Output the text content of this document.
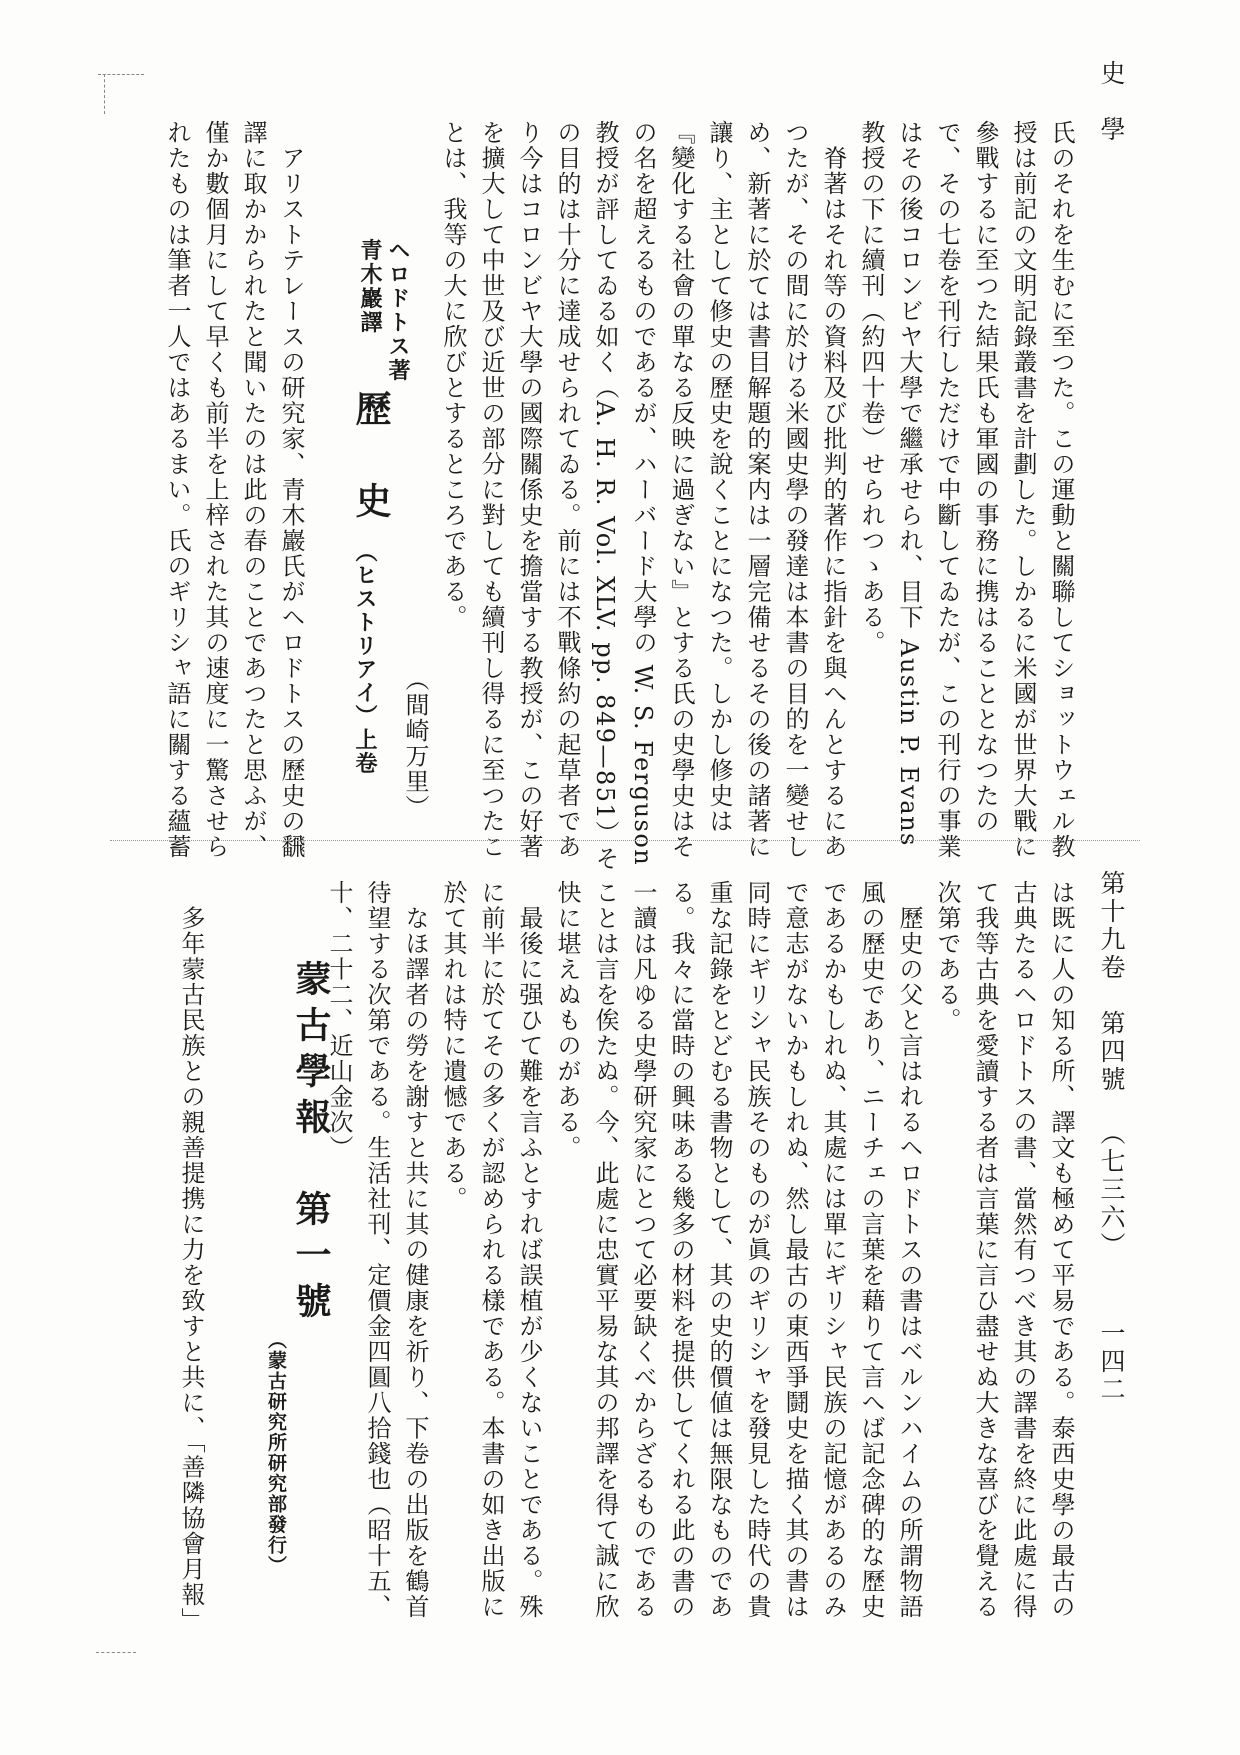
史　學
第十九卷　第四號
（七三六）
一四二
氏のそれを生むに至つた。この運動と關聯してショットウェル教
授は前記の文明記錄叢書を計劃した。しかるに米國が世界大戰に
參戰するに至つた結果氏も軍國の事務に携はることとなつたの
で、その七卷を刊行しただけで中斷してゐたが、この刊行の事業
はその後コロンビヤ大學で繼承せられ、目下 Austin P. Evans
教授の下に續刊（約四十卷）せられつゝある。
　脊著はそれ等の資料及び批判的著作に指針を與へんとするにあ
つたが、その間に於ける米國史學の發達は本書の目的を一變せし
め、新著に於ては書目解題的案内は一層完備せるその後の諸著に
讓り、主として修史の歷史を說くことになつた。しかし修史は
『變化する社會の單なる反映に過ぎない』とする氏の史學史はそ
の名を超えるものであるが、ハーバード大學の W. S. Ferguson
教授が評してゐる如く（A. H. R. Vol. XLV. pp. 849—851）そ
の目的は十分に達成せられてゐる。前には不戰條約の起草者であ
り今はコロンビヤ大學の國際關係史を擔當する教授が、この好著
を擴大して中世及び近世の部分に對しても續刊し得るに至つたこ
とは、我等の大に欣びとするところである。
（間崎万里）

ヘロドトス著

青木巖譯

歷　史
（ヒストリアイ）上卷
　アリストテレースの研究家、青木巖氏がヘロドトスの歷史の飜
譯に取かかられたと聞いたのは此の春のことであつたと思ふが、
僅か數個月にして早くも前半を上梓された其の速度に一驚させら
れたものは筆者一人ではあるまい。氏のギリシャ語に關する蘊蓄
は既に人の知る所、譯文も極めて平易である。泰西史學の最古の
古典たるヘロドトスの書、當然有つべき其の譯書を終に此處に得
て我等古典を愛讀する者は言葉に言ひ盡せぬ大きな喜びを覺える
次第である。
　歷史の父と言はれるヘロドトスの書はベルンハイムの所謂物語
風の歷史であり、ニーチェの言葉を藉りて言へば記念碑的な歷史
であるかもしれぬ、其處には單にギリシャ民族の記憶があるのみ
で意志がないかもしれぬ、然し最古の東西爭鬪史を描く其の書は
同時にギリシャ民族そのものが眞のギリシャを發見した時代の貴
重な記錄をとどむる書物として、其の史的價値は無限なものであ
る。我々に當時の興味ある幾多の材料を提供してくれる此の書の
一讀は凡ゆる史學研究家にとつて必要缺くべからざるものである
ことは言を俟たぬ。今、此處に忠實平易な其の邦譯を得て誠に欣
快に堪えぬものがある。
　最後に强ひて難を言ふとすれば誤植が少くないことである。殊
に前半に於てその多くが認められる樣である。本書の如き出版に
於て其れは特に遺憾である。
　なほ譯者の勞を謝すと共に其の健康を祈り、下卷の出版を鶴首
待望する次第である。生活社刊、定價金四圓八拾錢也（昭十五、
十、二十二、近山金次）
蒙古學報　第一號
（蒙古研究所研究部發行）
　多年蒙古民族との親善提携に力を致すと共に、「善隣協會月報」
